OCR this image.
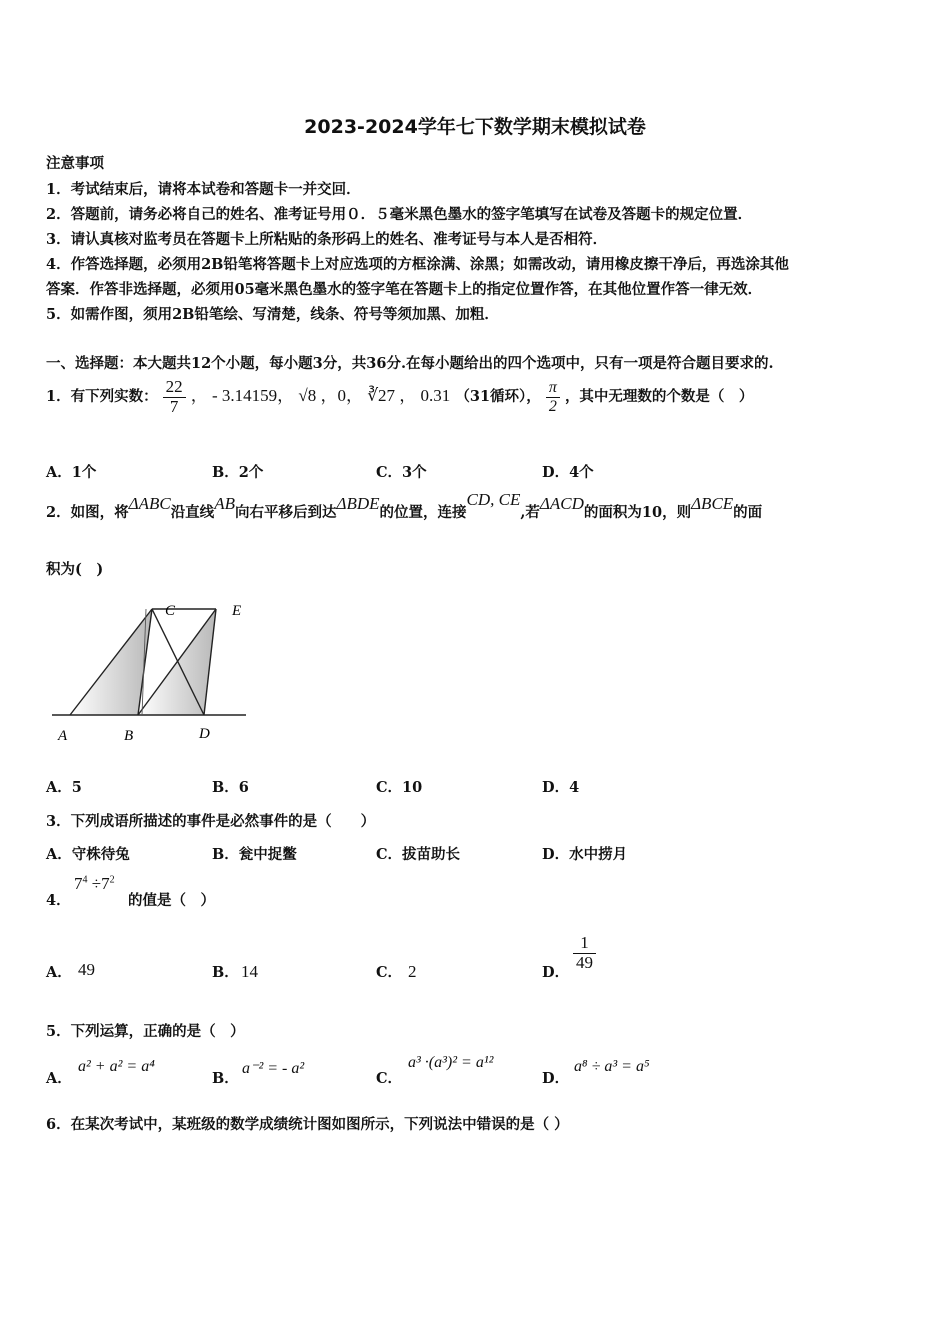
2023-2024学年七下数学期末模拟试卷
注意事项
1．考试结束后，请将本试卷和答题卡一并交回．
2．答题前，请务必将自己的姓名、准考证号用０．５毫米黑色墨水的签字笔填写在试卷及答题卡的规定位置．
3．请认真核对监考员在答题卡上所粘贴的条形码上的姓名、准考证号与本人是否相符．
4．作答选择题，必须用2B铅笔将答题卡上对应选项的方框涂满、涂黑；如需改动，请用橡皮擦干净后，再选涂其他
答案．作答非选择题，必须用05毫米黑色墨水的签字笔在答题卡上的指定位置作答，在其他位置作答一律无效．
5．如需作图，须用2B铅笔绘、写清楚，线条、符号等须加黑、加粗．
一、选择题：本大题共12个小题，每小题3分，共36分.在每小题给出的四个选项中，只有一项是符合题目要求的.
1．有下列实数： $\frac{22}{7}$ ， - 3.14159， √8 ，0， ∛27 ， 0.31 （31循环）， $\frac{\pi}{2}$ ，其中无理数的个数是（　）
A．1个	B．2个	C．3个	D．4个
2．如图，将ΔABC沿直线AB向右平移后到达ΔBDE的位置，连接CD, CE,若ΔACD的面积为10，则ΔBCE的面
积为(　)
A	B
C
D
E
A．5	B．6	C．10	D．4
3．下列成语所描述的事件是必然事件的是（　　）
A．守株待兔	B．瓮中捉鳖	C．拔苗助长	D．水中捞月
4．
$7^4 \div 7^2$
的值是（　）
A． 49	B． 14	C． 2	D．
$\frac{1}{49}$
5．下列运算，正确的是（　）
A．
a² + a² = a⁴
B．
a⁻² = - a²
C．
a³ ·(a³)² = a¹²
D．
a⁸ ÷ a³ = a⁵
6．在某次考试中，某班级的数学成绩统计图如图所示，下列说法中错误的是（ ）
